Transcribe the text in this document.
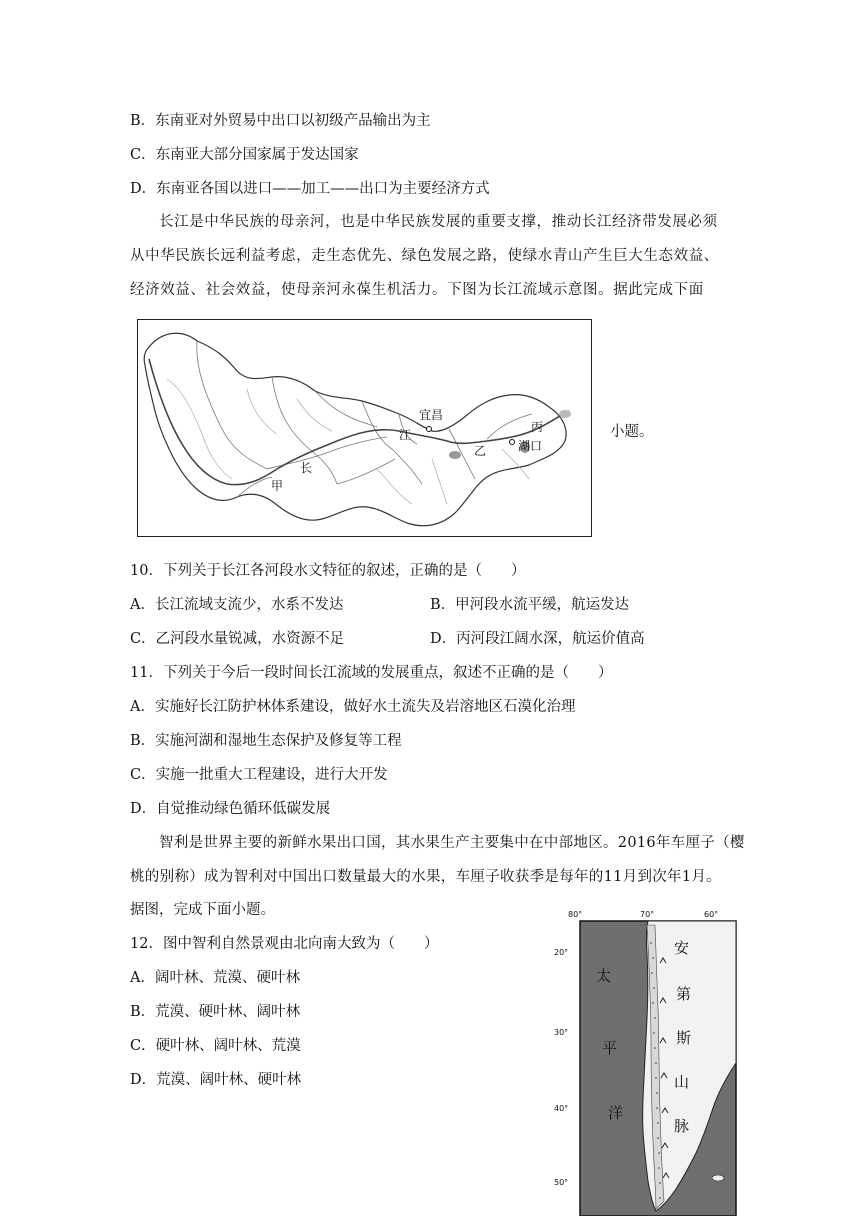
B．东南亚对外贸易中出口以初级产品输出为主
C．东南亚大部分国家属于发达国家
D．东南亚各国以进口——加工——出口为主要经济方式
长江是中华民族的母亲河，也是中华民族发展的重要支撑，推动长江经济带发展必须从中华民族长远利益考虑，走生态优先、绿色发展之路，使绿水青山产生巨大生态效益、经济效益、社会效益，使母亲河永葆生机活力。下图为长江流域示意图。据此完成下面
宜昌
江
长
甲
乙
丙
湖口
小题。
10．下列关于长江各河段水文特征的叙述，正确的是（　　）
A．长江流域支流少，水系不发达	B．甲河段水流平缓，航运发达
C．乙河段水量锐减，水资源不足	D．丙河段江阔水深，航运价值高
11．下列关于今后一段时间长江流域的发展重点，叙述不正确的是（　　）
A．实施好长江防护林体系建设，做好水土流失及岩溶地区石漠化治理
B．实施河湖和湿地生态保护及修复等工程
C．实施一批重大工程建设，进行大开发
D．自觉推动绿色循环低碳发展
智利是世界主要的新鲜水果出口国，其水果生产主要集中在中部地区。2016年车厘子（樱
桃的别称）成为智利对中国出口数量最大的水果，车厘子收获季是每年的11月到次年1月。
据图，完成下面小题。
12．图中智利自然景观由北向南大致为（　　）
A．阔叶林、荒漠、硬叶林
B．荒漠、硬叶林、阔叶林
C．硬叶林、阔叶林、荒漠
D．荒漠、阔叶林、硬叶林
80°	70°	60°
20°
30°
40°
50°
太
平
洋
安
第
斯
山
脉
